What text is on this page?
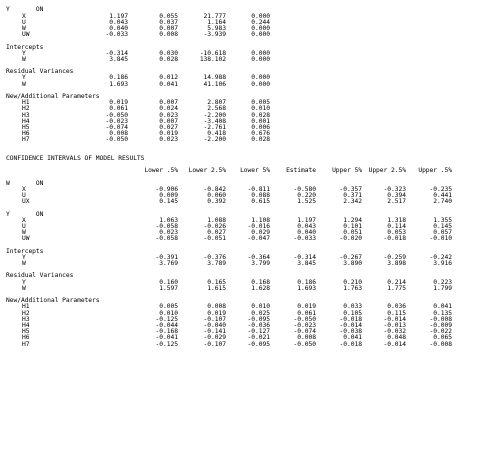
Y       ON
X	1.197	0.055	21.777	0.000
U	0.043	0.037	1.164	0.244
W	0.040	0.007	5.983	0.000
UW	-0.033	0.008	-3.939	0.000
Intercepts
Y	-0.314	0.030	-10.618	0.000
W	3.845	0.028	138.102	0.000
Residual Variances
Y	0.186	0.012	14.988	0.000
W	1.693	0.041	41.106	0.000
New/Additional Parameters
H1	0.019	0.007	2.807	0.005
H2	0.061	0.024	2.568	0.010
H3	-0.050	0.023	-2.200	0.028
H4	-0.023	0.007	-3.408	0.001
H5	-0.074	0.027	-2.761	0.006
H6	0.008	0.019	0.418	0.676
H7	-0.050	0.023	-2.200	0.028
CONFIDENCE INTERVALS OF MODEL RESULTS
Lower .5%	Lower 2.5%	Lower 5%	Estimate	Upper 5%	Upper 2.5%	Upper .5%
W       ON
X	-0.906	-0.842	-0.811	-0.580	-0.357	-0.323	-0.235
U	0.009	0.060	0.088	0.220	0.371	0.394	0.441
UX	0.145	0.392	0.615	1.525	2.342	2.517	2.740
Y       ON
X	1.063	1.088	1.108	1.197	1.294	1.318	1.355
U	-0.058	-0.026	-0.016	0.043	0.101	0.114	0.145
W	0.023	0.027	0.029	0.040	0.051	0.053	0.057
UW	-0.058	-0.051	-0.047	-0.033	-0.020	-0.018	-0.010
Intercepts
Y	-0.391	-0.376	-0.364	-0.314	-0.267	-0.259	-0.242
W	3.769	3.789	3.799	3.845	3.890	3.898	3.916
Residual Variances
Y	0.160	0.165	0.168	0.186	0.210	0.214	0.223
W	1.597	1.615	1.628	1.693	1.763	1.775	1.799
New/Additional Parameters
H1	0.005	0.008	0.010	0.019	0.033	0.036	0.041
H2	0.010	0.019	0.025	0.061	0.105	0.115	0.135
H3	-0.125	-0.107	-0.095	-0.050	-0.018	-0.014	-0.008
H4	-0.044	-0.040	-0.036	-0.023	-0.014	-0.013	-0.009
H5	-0.168	-0.141	-0.127	-0.074	-0.038	-0.032	-0.022
H6	-0.041	-0.029	-0.021	0.008	0.041	0.048	0.065
H7	-0.125	-0.107	-0.095	-0.050	-0.018	-0.014	-0.008
